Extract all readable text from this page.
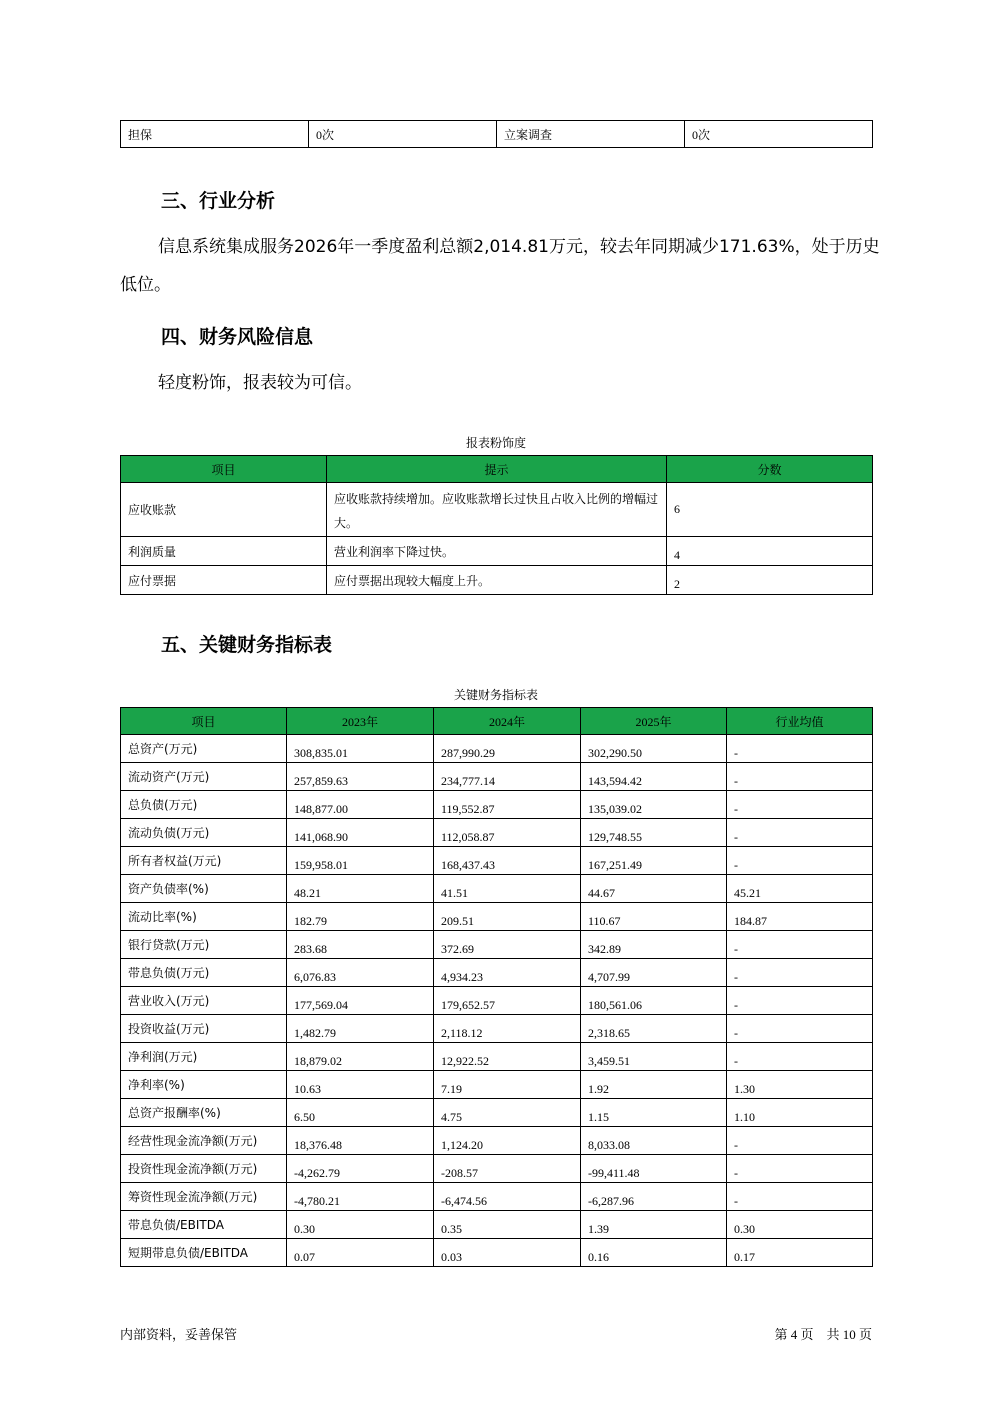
担保	0次	立案调查	0次
三、行业分析

信息系统集成服务2026年一季度盈利总额2,014.81万元，较去年同期减少171.63%，处于历史低位。

四、财务风险信息

轻度粉饰，报表较为可信。

报表粉饰度

项目	提示	分数
应收账款	应收账款持续增加。应收账款增长过快且占收入比例的增幅过大。	6
利润质量	营业利润率下降过快。	4
应付票据	应付票据出现较大幅度上升。	2
五、关键财务指标表

关键财务指标表

项目	2023年	2024年	2025年	行业均值
总资产(万元)	308,835.01	287,990.29	302,290.50	-
流动资产(万元)	257,859.63	234,777.14	143,594.42	-
总负债(万元)	148,877.00	119,552.87	135,039.02	-
流动负债(万元)	141,068.90	112,058.87	129,748.55	-
所有者权益(万元)	159,958.01	168,437.43	167,251.49	-
资产负债率(%)	48.21	41.51	44.67	45.21
流动比率(%)	182.79	209.51	110.67	184.87
银行贷款(万元)	283.68	372.69	342.89	-
带息负债(万元)	6,076.83	4,934.23	4,707.99	-
营业收入(万元)	177,569.04	179,652.57	180,561.06	-
投资收益(万元)	1,482.79	2,118.12	2,318.65	-
净利润(万元)	18,879.02	12,922.52	3,459.51	-
净利率(%)	10.63	7.19	1.92	1.30
总资产报酬率(%)	6.50	4.75	1.15	1.10
经营性现金流净额(万元)	18,376.48	1,124.20	8,033.08	-
投资性现金流净额(万元)	-4,262.79	-208.57	-99,411.48	-
筹资性现金流净额(万元)	-4,780.21	-6,474.56	-6,287.96	-
带息负债/EBITDA	0.30	0.35	1.39	0.30
短期带息负债/EBITDA	0.07	0.03	0.16	0.17

内部资料，妥善保管	第 4 页　共 10 页
